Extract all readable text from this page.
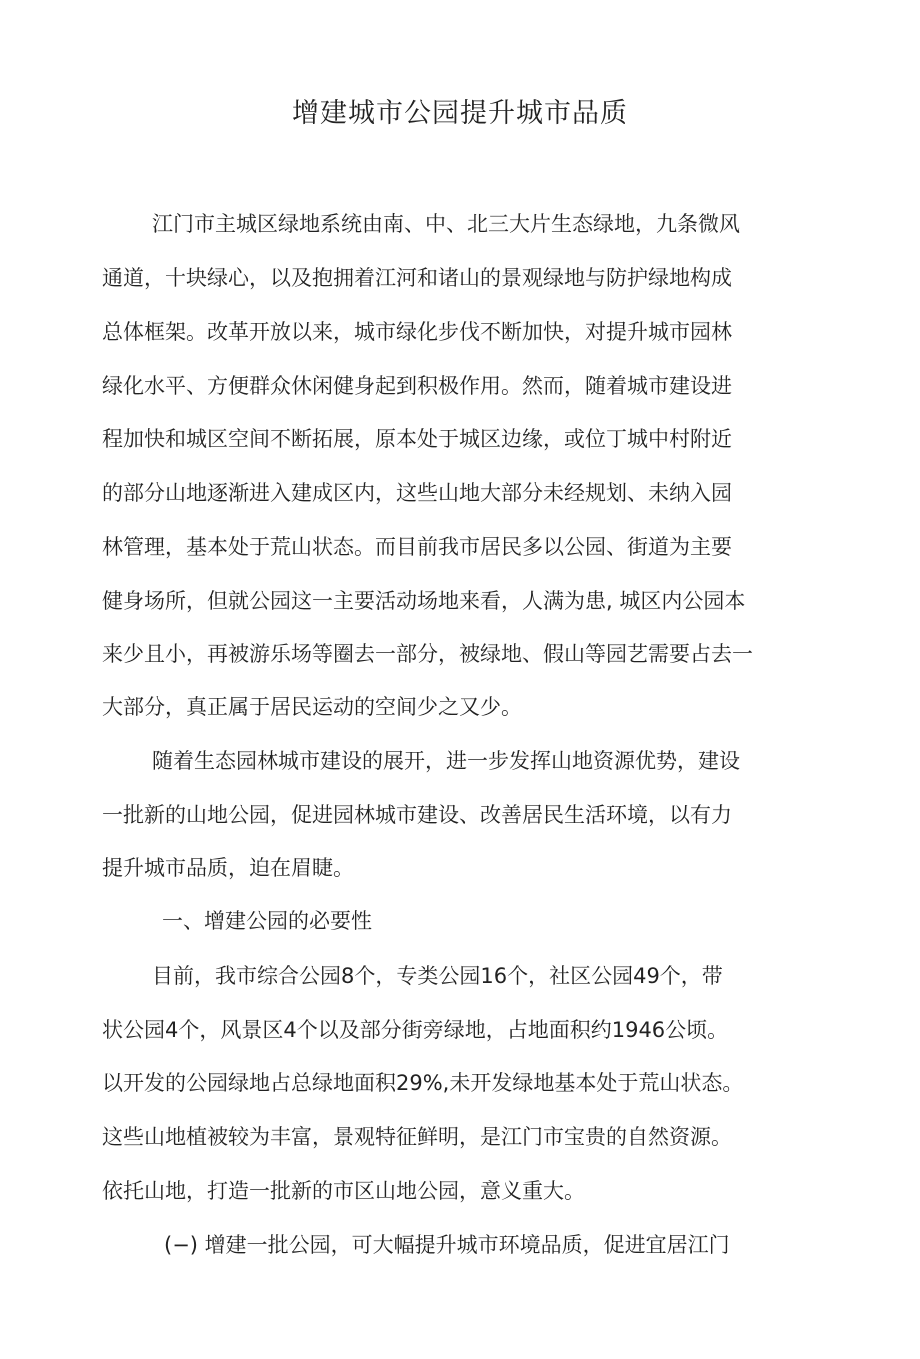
增建城市公园提升城市品质
江门市主城区绿地系统由南、中、北三大片生态绿地，九条微风
通道，十块绿心，以及抱拥着江河和诸山的景观绿地与防护绿地构成
总体框架。改革开放以来，城市绿化步伐不断加快，对提升城市园林
绿化水平、方便群众休闲健身起到积极作用。然而，随着城市建设进
程加快和城区空间不断拓展，原本处于城区边缘，或位丁城中村附近
的部分山地逐渐进入建成区内，这些山地大部分未经规划、未纳入园
林管理，基本处于荒山状态。而目前我市居民多以公园、街道为主要
健身场所，但就公园这一主要活动场地来看，人满为患, 城区内公园本
来少且小，再被游乐场等圈去一部分，被绿地、假山等园艺需要占去一
大部分，真正属于居民运动的空间少之又少。
随着生态园林城市建设的展开，进一步发挥山地资源优势，建设
一批新的山地公园，促进园林城市建设、改善居民生活环境，以有力
提升城市品质，迫在眉睫。
一、增建公园的必要性
目前，我市综合公园8个，专类公园16个，社区公园49个，带
状公园4个，风景区4个以及部分街旁绿地，占地面积约1946公顷。
以开发的公园绿地占总绿地面积29%,未开发绿地基本处于荒山状态。
这些山地植被较为丰富，景观特征鲜明，是江门市宝贵的自然资源。
依托山地，打造一批新的市区山地公园，意义重大。
(−) 增建一批公园，可大幅提升城市环境品质，促进宜居江门
